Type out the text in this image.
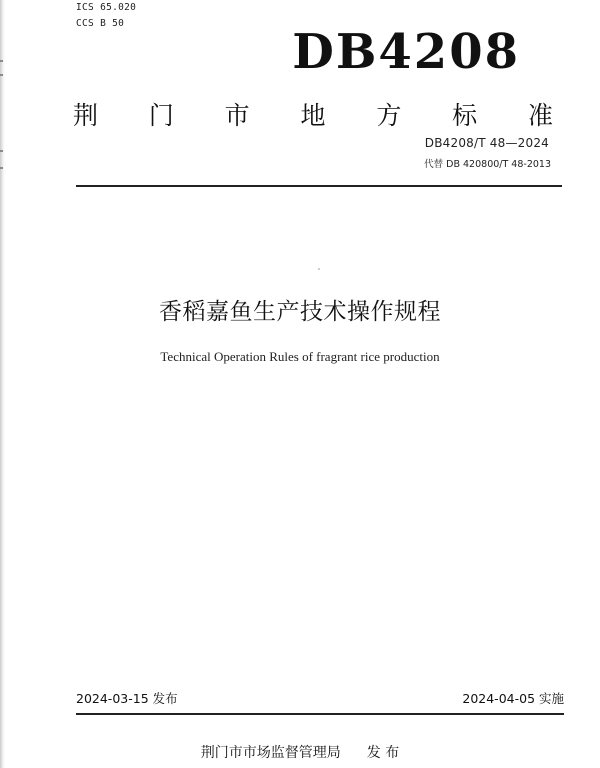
ICS 65.020
CCS B 50
DB4208
荆 门 市 地 方 标 准
DB4208/T 48—2024
代替 DB 420800/T 48-2013
香稻嘉鱼生产技术操作规程
Technical Operation Rules of fragrant rice production
2024-03-15 发布	2024-04-05 实施
荆门市市场监督管理局 发 布
